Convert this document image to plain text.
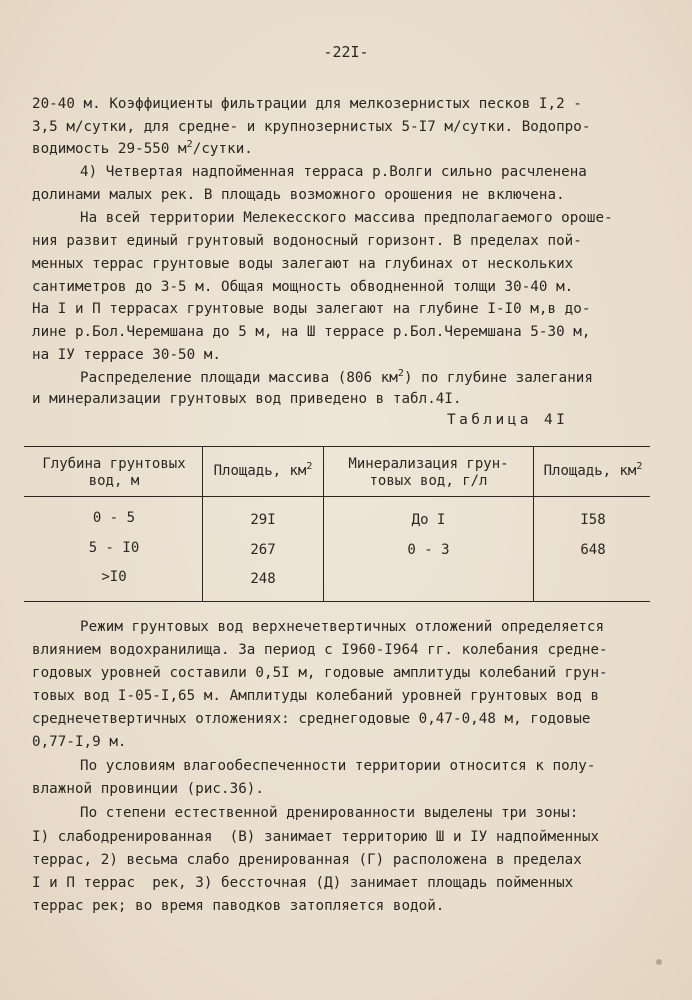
-22I-
20-40 м. Коэффициенты фильтрации для мелкозернистых песков I,2 -
3,5 м/сутки, для средне- и крупнозернистых 5-I7 м/сутки. Водопро-
водимость 29-550 $м^2$/сутки.
4) Четвертая надпойменная терраса р.Волги сильно расчленена
долинами малых рек. В площадь возможного орошения не включена.
На всей территории Мелекесского массива предполагаемого ороше-
ния развит единый грунтовый водоносный горизонт. В пределах пой-
менных террас грунтовые воды залегают на глубинах от нескольких
сантиметров до 3-5 м. Общая мощность обводненной толщи 30-40 м.
На I и П террасах грунтовые воды залегают на глубине I-I0 м,в до-
лине р.Бол.Черемшана до 5 м, на Ш террасе р.Бол.Черемшана 5-30 м,
на IУ террасе 30-50 м.
Распределение площади массива (806 $км^2$) по глубине залегания
и минерализации грунтовых вод приведено в табл.4I.
Таблица 4I
Глубина грунтовых
вод, м
Площадь, $км^2$	Минерализация грун-
товых вод, г/л
Площадь, $км^2$
0 - 5
5 - I0
>I0
29I
267
248
До I
0 - 3
I58
648
Режим грунтовых вод верхнечетвертичных отложений определяется
влиянием водохранилища. За период с I960-I964 гг. колебания средне-
годовых уровней составили 0,5I м, годовые амплитуды колебаний грун-
товых вод I-05-I,65 м. Амплитуды колебаний уровней грунтовых вод в
среднечетвертичных отложениях: среднегодовые 0,47-0,48 м, годовые
0,77-I,9 м.
По условиям влагообеспеченности территории относится к полу-
влажной провинции (рис.36).
По степени естественной дренированности выделены три зоны:
I) слабодренированная  (В) занимает территорию Ш и IУ надпойменных
террас, 2) весьма слабо дренированная (Г) расположена в пределах
I и П террас  рек, 3) бессточная (Д) занимает площадь пойменных
террас рек; во время паводков затопляется водой.
